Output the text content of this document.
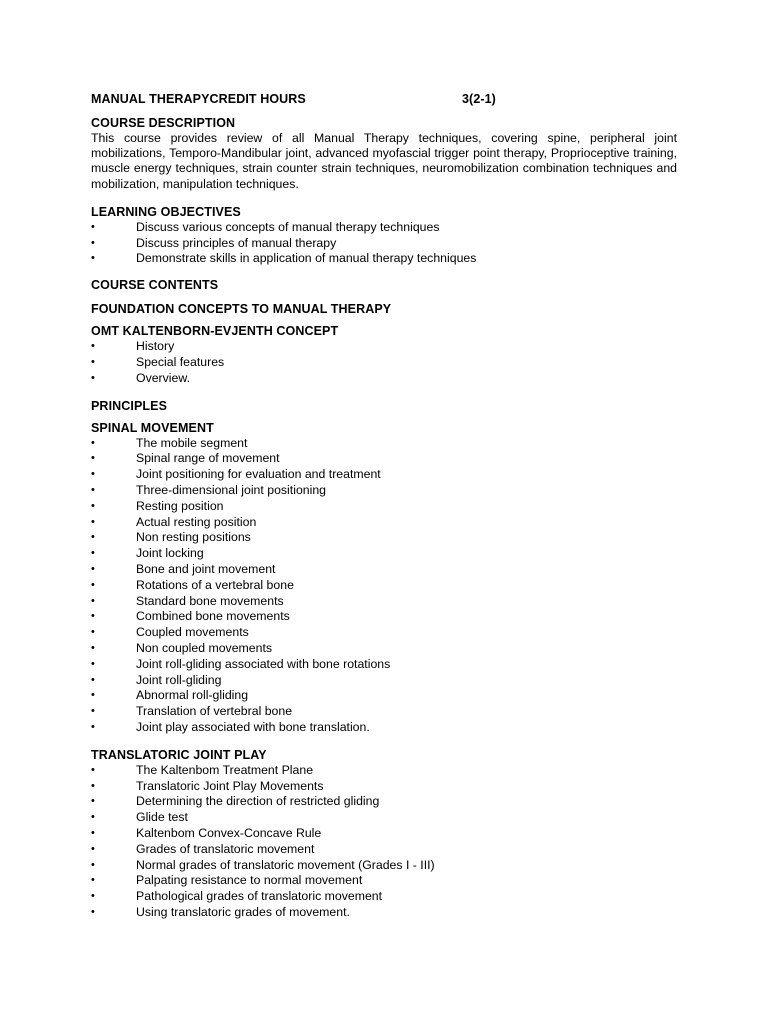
MANUAL THERAPYCREDIT HOURS	3(2-1)
COURSE DESCRIPTION
This course provides review of all Manual Therapy techniques, covering spine, peripheral joint mobilizations, Temporo-Mandibular joint, advanced myofascial trigger point therapy, Proprioceptive training, muscle energy techniques, strain counter strain techniques, neuromobilization combination techniques and mobilization, manipulation techniques.
LEARNING OBJECTIVES
•	Discuss various concepts of manual therapy techniques
•	Discuss principles of manual therapy
•	Demonstrate skills in application of manual therapy techniques
COURSE CONTENTS
FOUNDATION CONCEPTS TO MANUAL THERAPY
OMT KALTENBORN-EVJENTH CONCEPT
•	History
•	Special features
•	Overview.
PRINCIPLES
SPINAL MOVEMENT
•	The mobile segment
•	Spinal range of movement
•	Joint positioning for evaluation and treatment
•	Three-dimensional joint positioning
•	Resting position
•	Actual resting position
•	Non resting positions
•	Joint locking
•	Bone and joint movement
•	Rotations of a vertebral bone
•	Standard bone movements
•	Combined bone movements
•	Coupled movements
•	Non coupled movements
•	Joint roll-gliding associated with bone rotations
•	Joint roll-gliding
•	Abnormal roll-gliding
•	Translation of vertebral bone
•	Joint play associated with bone translation.
TRANSLATORIC JOINT PLAY
•	The Kaltenbom Treatment Plane
•	Translatoric Joint Play Movements
•	Determining the direction of restricted gliding
•	Glide test
•	Kaltenbom Convex-Concave Rule
•	Grades of translatoric movement
•	Normal grades of translatoric movement (Grades I - III)
•	Palpating resistance to normal movement
•	Pathological grades of translatoric movement
•	Using translatoric grades of movement.
